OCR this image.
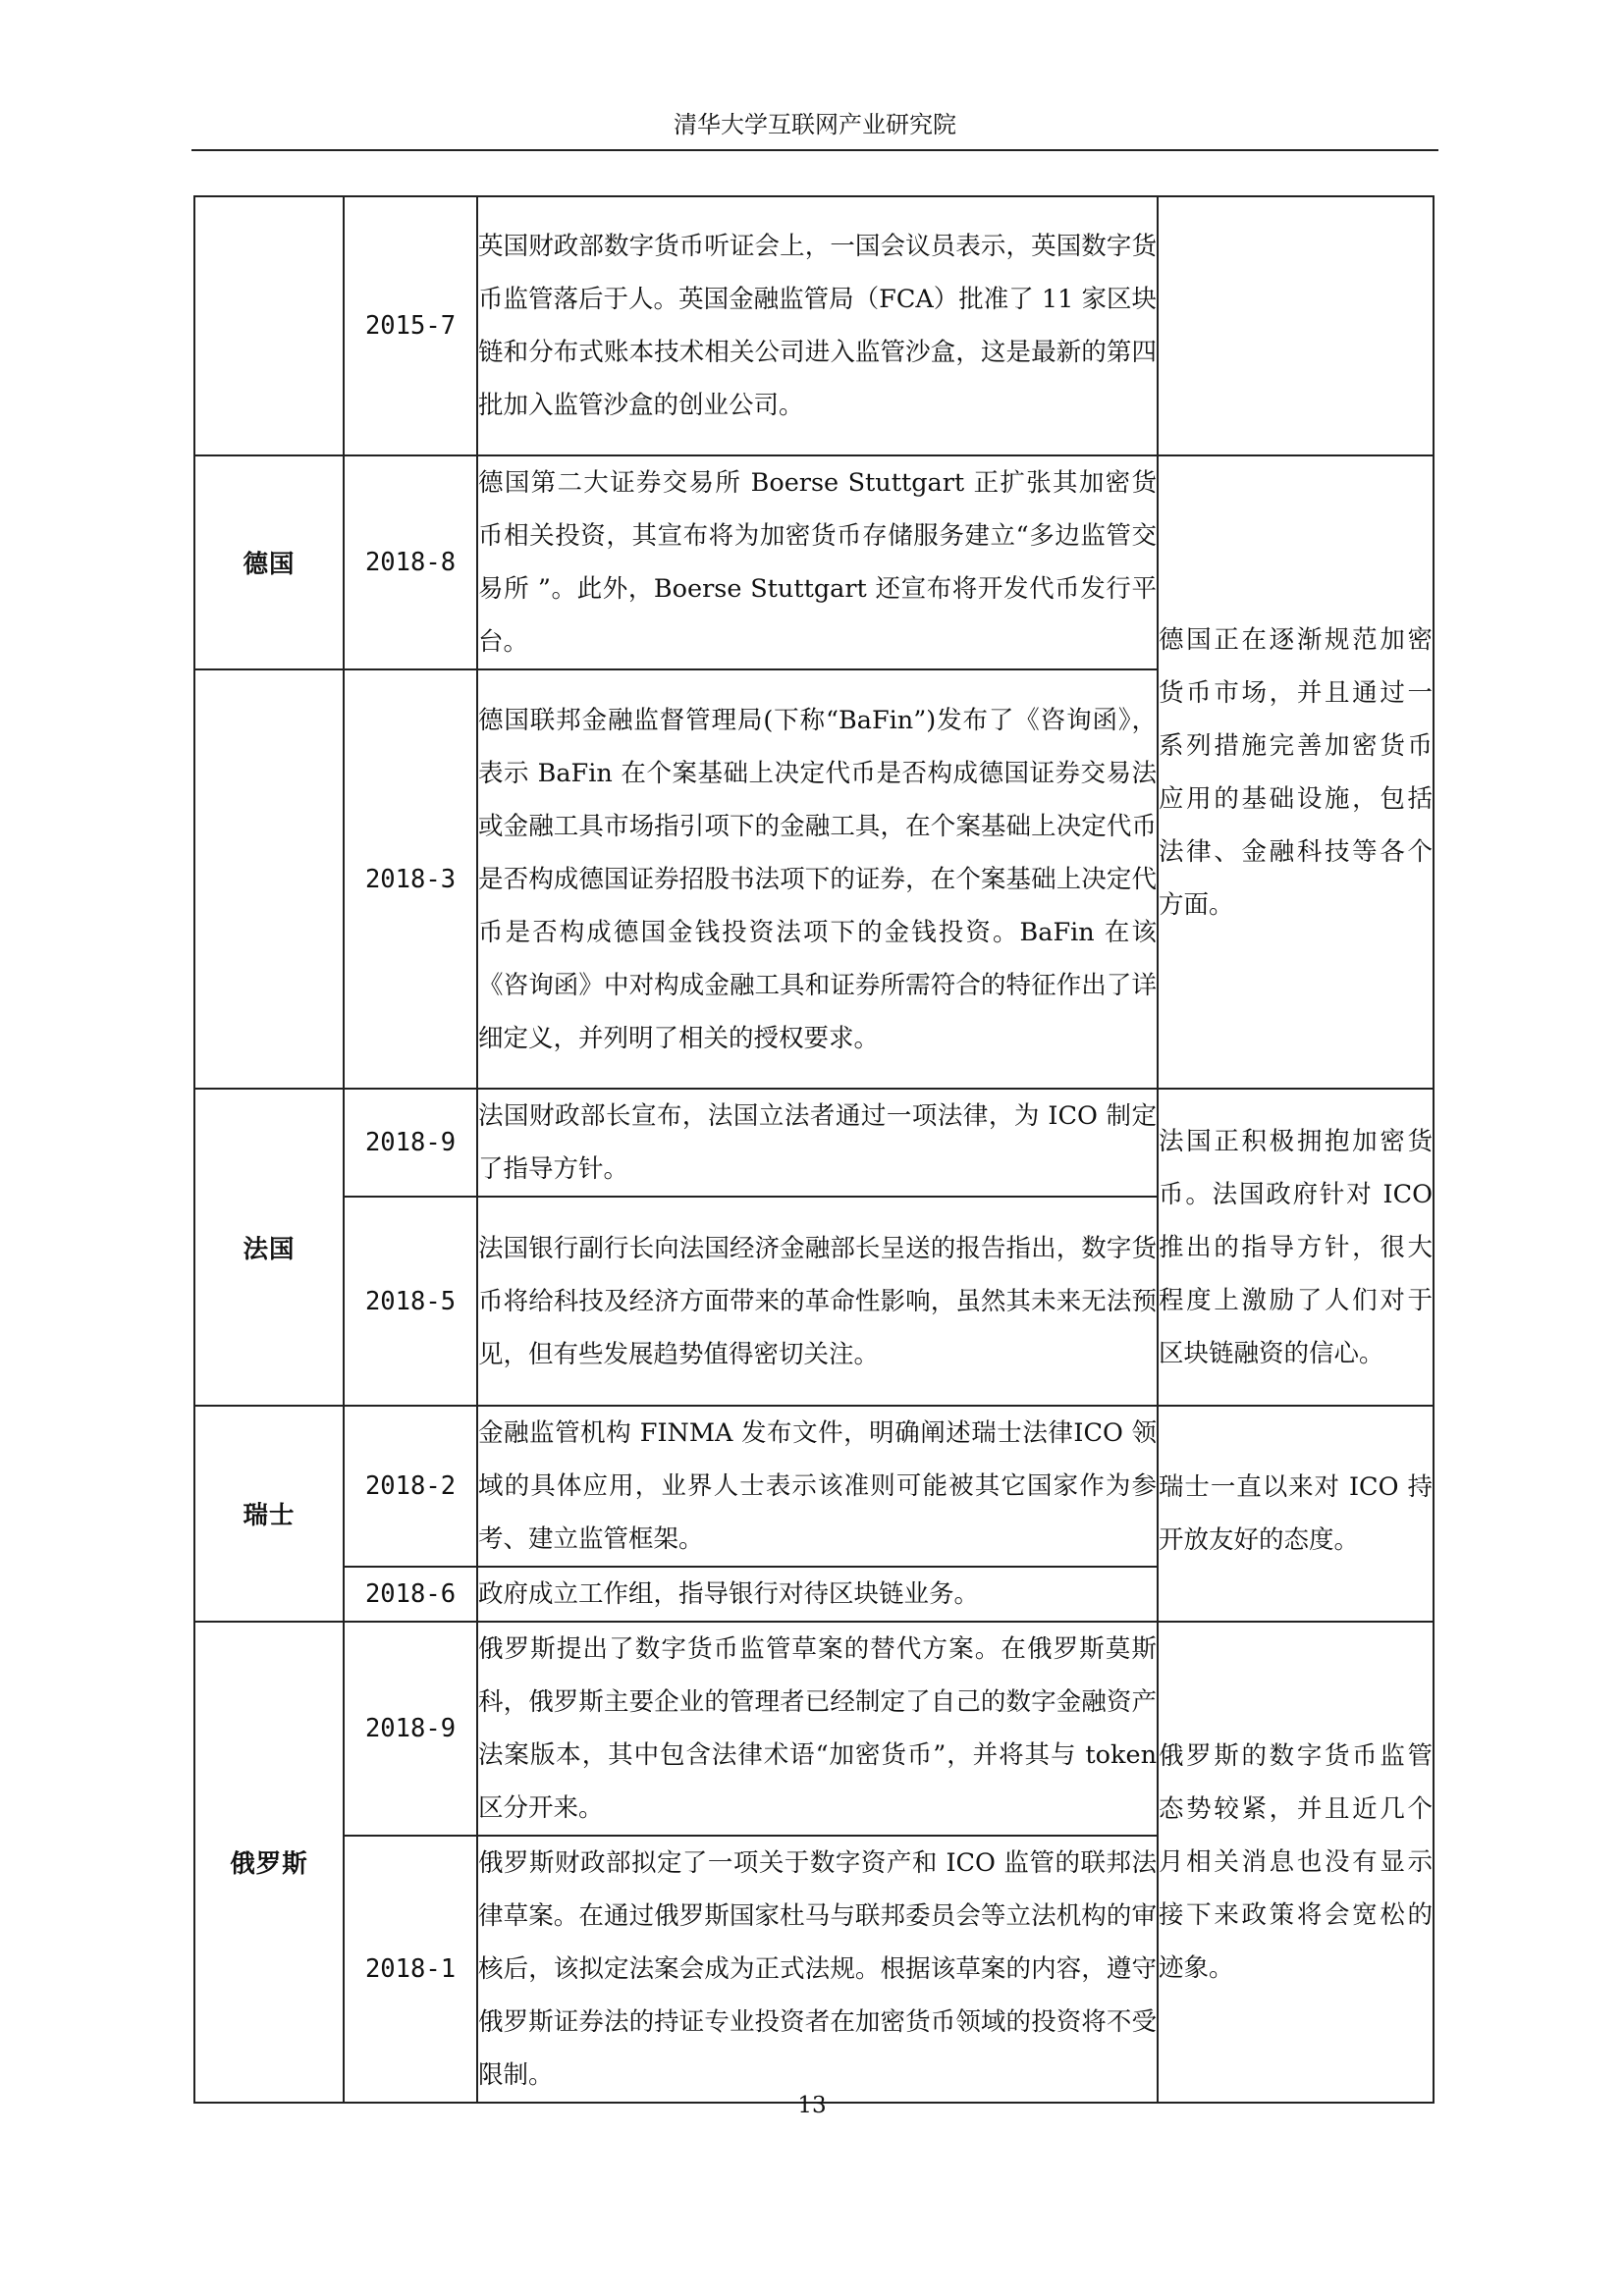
清华大学互联网产业研究院
	2015-7	英国财政部数字货币听证会上，一国会议员表示，英国数字货币监管落后于人。英国金融监管局（FCA）批准了 11 家区块链和分布式账本技术相关公司进入监管沙盒，这是最新的第四批加入监管沙盒的创业公司。	
德国	2018-8	德国第二大证券交易所 Boerse Stuttgart 正扩张其加密货币相关投资，其宣布将为加密货币存储服务建立“多边监管交易所 ”。此外，Boerse Stuttgart 还宣布将开发代币发行平台。	德国正在逐渐规范加密货币市场，并且通过一系列措施完善加密货币应用的基础设施，包括法律、金融科技等各个方面。
	2018-3	德国联邦金融监督管理局(下称“BaFin”)发布了《咨询函》，表示 BaFin 在个案基础上决定代币是否构成德国证券交易法或金融工具市场指引项下的金融工具，在个案基础上决定代币是否构成德国证券招股书法项下的证券，在个案基础上决定代币是否构成德国金钱投资法项下的金钱投资。BaFin 在该《咨询函》中对构成金融工具和证券所需符合的特征作出了详细定义，并列明了相关的授权要求。	
法国	2018-9	法国财政部长宣布，法国立法者通过一项法律，为 ICO 制定了指导方针。	法国正积极拥抱加密货币。法国政府针对 ICO 推出的指导方针，很大程度上激励了人们对于区块链融资的信心。
	2018-5	法国银行副行长向法国经济金融部长呈送的报告指出，数字货币将给科技及经济方面带来的革命性影响，虽然其未来无法预见，但有些发展趋势值得密切关注。	
瑞士	2018-2	金融监管机构 FINMA 发布文件，明确阐述瑞士法律ICO 领域的具体应用，业界人士表示该准则可能被其它国家作为参考、建立监管框架。	瑞士一直以来对 ICO 持开放友好的态度。
	2018-6	政府成立工作组，指导银行对待区块链业务。	
俄罗斯	2018-9	俄罗斯提出了数字货币监管草案的替代方案。在俄罗斯莫斯科，俄罗斯主要企业的管理者已经制定了自己的数字金融资产法案版本，其中包含法律术语“加密货币”，并将其与 token 区分开来。	俄罗斯的数字货币监管态势较紧，并且近几个月相关消息也没有显示接下来政策将会宽松的迹象。
	2018-1	俄罗斯财政部拟定了一项关于数字资产和 ICO 监管的联邦法律草案。在通过俄罗斯国家杜马与联邦委员会等立法机构的审核后，该拟定法案会成为正式法规。根据该草案的内容，遵守俄罗斯证券法的持证专业投资者在加密货币领域的投资将不受限制。	
13
